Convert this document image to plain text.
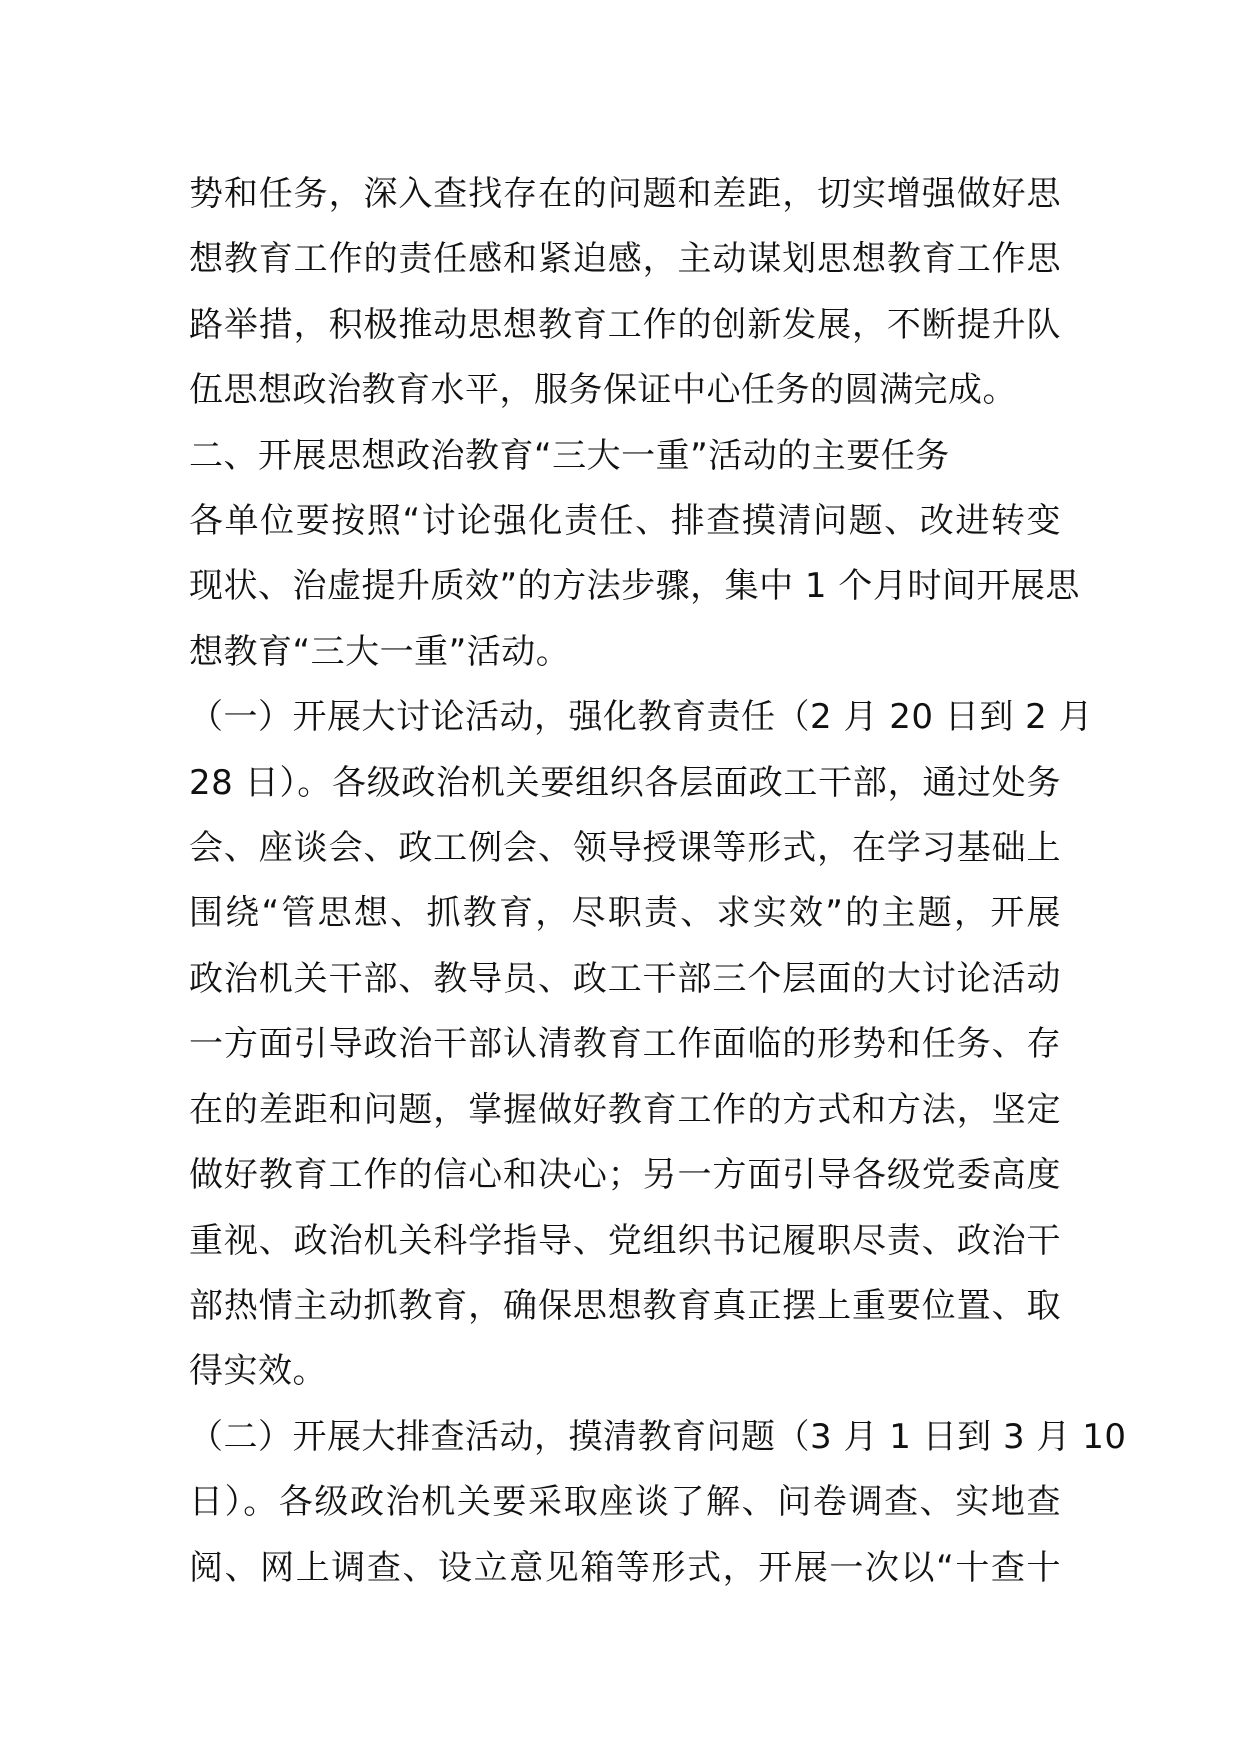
势和任务，深入查找存在的问题和差距，切实增强做好思
想教育工作的责任感和紧迫感，主动谋划思想教育工作思
路举措，积极推动思想教育工作的创新发展，不断提升队
伍思想政治教育水平，服务保证中心任务的圆满完成。

二、开展思想政治教育“三大一重”活动的主要任务

各单位要按照“讨论强化责任、排查摸清问题、改进转变
现状、治虚提升质效”的方法步骤，集中 1 个月时间开展思
想教育“三大一重”活动。

（一）开展大讨论活动，强化教育责任（2 月 20 日到 2 月
28 日）。各级政治机关要组织各层面政工干部，通过处务
会、座谈会、政工例会、领导授课等形式，在学习基础上
围绕“管思想、抓教育，尽职责、求实效”的主题，开展
政治机关干部、教导员、政工干部三个层面的大讨论活动
一方面引导政治干部认清教育工作面临的形势和任务、存
在的差距和问题，掌握做好教育工作的方式和方法，坚定
做好教育工作的信心和决心；另一方面引导各级党委高度
重视、政治机关科学指导、党组织书记履职尽责、政治干
部热情主动抓教育，确保思想教育真正摆上重要位置、取
得实效。

（二）开展大排查活动，摸清教育问题（3 月 1 日到 3 月 10
日）。各级政治机关要采取座谈了解、问卷调查、实地查
阅、网上调查、设立意见箱等形式，开展一次以“十查十
